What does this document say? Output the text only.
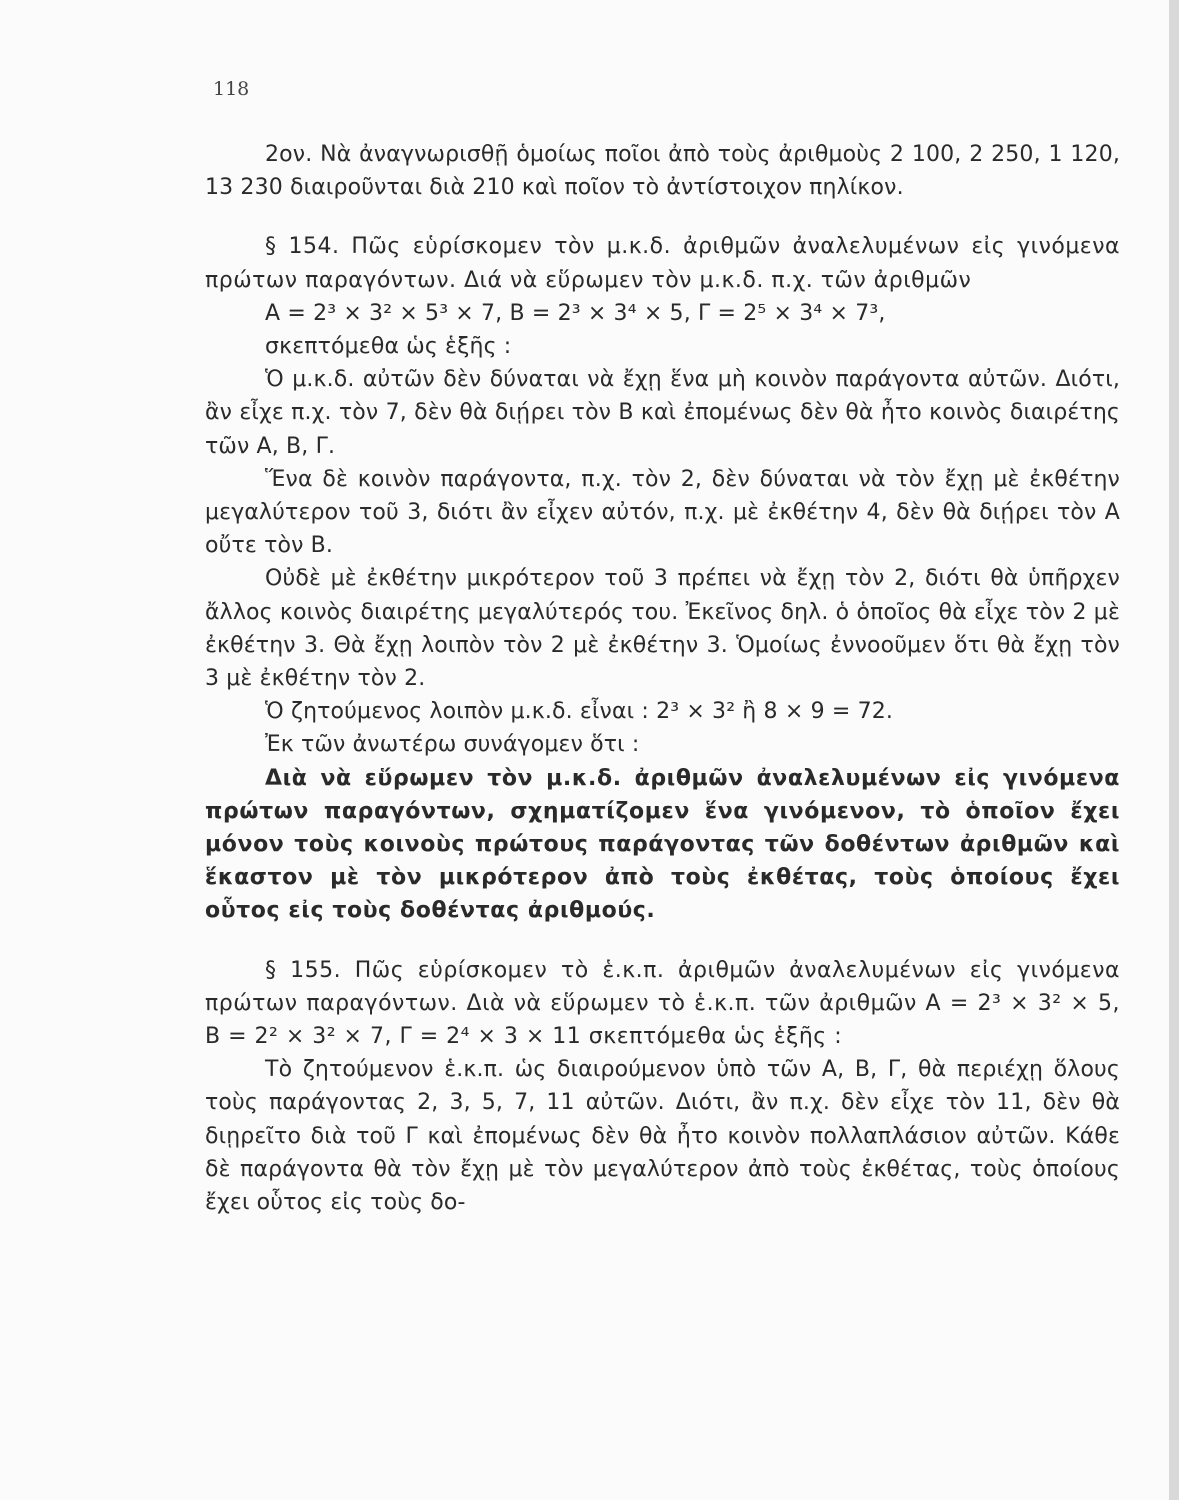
118

2ον. Νὰ ἀναγνωρισθῇ ὁμοίως ποῖοι ἀπὸ τοὺς ἀριθμοὺς 2 100, 2 250, 1 120, 13 230 διαιροῦνται διὰ 210 καὶ ποῖον τὸ ἀντίστοιχον πηλίκον.

§ 154. Πῶς εὑρίσκομεν τὸν μ.κ.δ. ἀριθμῶν ἀναλελυμένων εἰς γινόμενα πρώτων παραγόντων. Διά νὰ εὕρωμεν τὸν μ.κ.δ. π.χ. τῶν ἀριθμῶν

A = 2³ × 3² × 5³ × 7, B = 2³ × 3⁴ × 5, Γ = 2⁵ × 3⁴ × 7³,

σκεπτόμεθα ὡς ἑξῆς :

Ὁ μ.κ.δ. αὐτῶν δὲν δύναται νὰ ἔχῃ ἕνα μὴ κοινὸν παράγοντα αὐτῶν. Διότι, ἂν εἶχε π.χ. τὸν 7, δὲν θὰ διῄρει τὸν B καὶ ἐπομένως δὲν θὰ ἦτο κοινὸς διαιρέτης τῶν A, B, Γ.

Ἕνα δὲ κοινὸν παράγοντα, π.χ. τὸν 2, δὲν δύναται νὰ τὸν ἔχῃ μὲ ἐκθέτην μεγαλύτερον τοῦ 3, διότι ἂν εἶχεν αὐτόν, π.χ. μὲ ἐκθέτην 4, δὲν θὰ διῄρει τὸν A οὔτε τὸν B.

Οὐδὲ μὲ ἐκθέτην μικρότερον τοῦ 3 πρέπει νὰ ἔχῃ τὸν 2, διότι θὰ ὑπῆρχεν ἄλλος κοινὸς διαιρέτης μεγαλύτερός του. Ἐκεῖνος δηλ. ὁ ὁποῖος θὰ εἶχε τὸν 2 μὲ ἐκθέτην 3. Θὰ ἔχῃ λοιπὸν τὸν 2 μὲ ἐκθέτην 3. Ὁμοίως ἐννοοῦμεν ὅτι θὰ ἔχῃ τὸν 3 μὲ ἐκθέτην τὸν 2.

Ὁ ζητούμενος λοιπὸν μ.κ.δ. εἶναι : 2³ × 3² ἢ 8 × 9 = 72.

Ἐκ τῶν ἀνωτέρω συνάγομεν ὅτι :

Διὰ νὰ εὕρωμεν τὸν μ.κ.δ. ἀριθμῶν ἀναλελυμένων εἰς γινόμενα πρώτων παραγόντων, σχηματίζομεν ἕνα γινόμενον, τὸ ὁποῖον ἔχει μόνον τοὺς κοινοὺς πρώτους παράγοντας τῶν δοθέντων ἀριθμῶν καὶ ἕκαστον μὲ τὸν μικρότερον ἀπὸ τοὺς ἐκθέτας, τοὺς ὁποίους ἔχει οὗτος εἰς τοὺς δοθέντας ἀριθμούς.

§ 155. Πῶς εὑρίσκομεν τὸ ἑ.κ.π. ἀριθμῶν ἀναλελυμένων εἰς γινόμενα πρώτων παραγόντων. Διὰ νὰ εὕρωμεν τὸ ἑ.κ.π. τῶν ἀριθμῶν A = 2³ × 3² × 5, B = 2² × 3² × 7, Γ = 2⁴ × 3 × 11 σκεπτόμεθα ὡς ἑξῆς :

Τὸ ζητούμενον ἑ.κ.π. ὡς διαιρούμενον ὑπὸ τῶν A, B, Γ, θὰ περιέχῃ ὅλους τοὺς παράγοντας 2, 3, 5, 7, 11 αὐτῶν. Διότι, ἂν π.χ. δὲν εἶχε τὸν 11, δὲν θὰ διῃρεῖτο διὰ τοῦ Γ καὶ ἐπομένως δὲν θὰ ἦτο κοινὸν πολλαπλάσιον αὐτῶν. Κάθε δὲ παράγοντα θὰ τὸν ἔχῃ μὲ τὸν μεγαλύτερον ἀπὸ τοὺς ἐκθέτας, τοὺς ὁποίους ἔχει οὗτος εἰς τοὺς δο-
